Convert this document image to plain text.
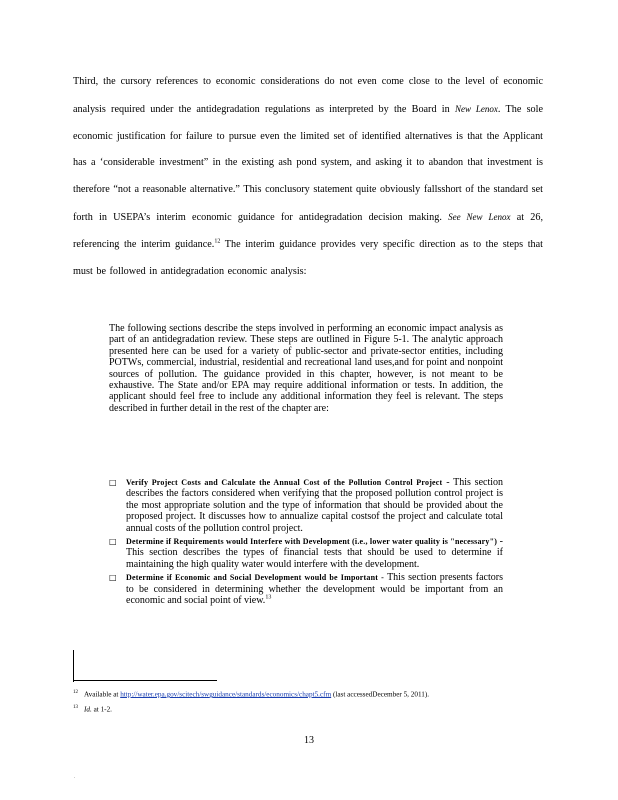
Third, the cursory references to economic considerations do not even come close to the level of economic analysis required under the antidegradation regulations as interpreted by the Board in New Lenox. The sole economic justification for failure to pursue even the limited set of identified alternatives is that the Applicant has a ‘considerable investment” in the existing ash pond system, and asking it to abandon that investment is therefore “not a reasonable alternative.” This conclusory statement quite obviously fallsshort of the standard set forth in USEPA’s interim economic guidance for antidegradation decision making. See New Lenox at 26, referencing the interim guidance.$^{12}$ The interim guidance provides very specific direction as to the steps that must be followed in antidegradation economic analysis:

The following sections describe the steps involved in performing an economic impact analysis as part of an antidegradation review. These steps are outlined in Figure 5-1. The analytic approach presented here can be used for a variety of public-sector and private-sector entities, including POTWs, commercial, industrial, residential and recreational land uses,and for point and nonpoint sources of pollution. The guidance provided in this chapter, however, is not meant to be exhaustive. The State and/or EPA may require additional information or tests. In addition, the applicant should feel free to include any additional information they feel is relevant. The steps described in further detail in the rest of the chapter are:

□ Verify Project Costs and Calculate the Annual Cost of the Pollution Control Project - This section describes the factors considered when verifying that the proposed pollution control project is the most appropriate solution and the type of information that should be provided about the proposed project. It discusses how to annualize capital costsof the project and calculate total annual costs of the pollution control project.
□ Determine if Requirements would Interfere with Development (i.e., lower water quality is "necessary") - This section describes the types of financial tests that should be used to determine if maintaining the high quality water would interfere with the development.
□ Determine if Economic and Social Development would be Important - This section presents factors to be considered in determining whether the development would be important from an economic and social point of view.$^{13}$

$^{12}$ Available at http://water.epa.gov/scitech/swguidance/standards/economics/chapt5.cfm (last accessedDecember 5, 2011).

$^{13}$ Id. at 1-2.

13
.
